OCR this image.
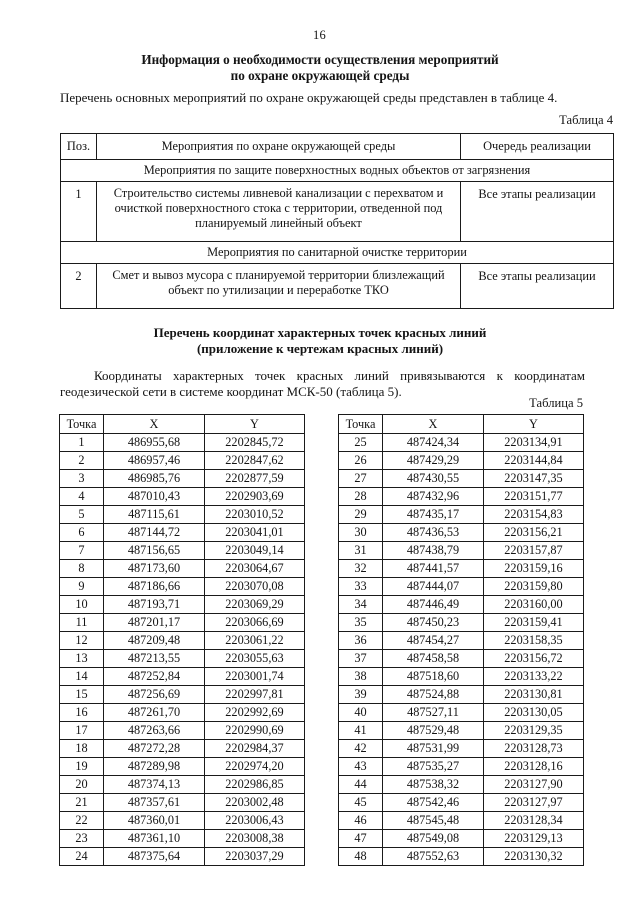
16
Информация о необходимости осуществления мероприятий
по охране окружающей среды
Перечень основных мероприятий по охране окружающей среды представлен в таблице 4.
Таблица 4
Поз.	Мероприятия по охране окружающей среды	Очередь реализации
Мероприятия по защите поверхностных водных объектов от загрязнения		
1	Строительство системы ливневой канализации с перехватом и очисткой поверхностного стока с территории, отведенной под планируемый линейный объект	Все этапы реализации
Мероприятия по санитарной очистке территории		
2	Смет и вывоз мусора с планируемой территории близлежащий объект по утилизации и переработке ТКО	Все этапы реализации
Перечень координат характерных точек красных линий
(приложение к чертежам красных линий)
Координаты характерных точек красных линий привязываются к координатам геодезической сети в системе координат МСК-50 (таблица 5).
Таблица 5
Точка	X	Y
1	486955,68	2202845,72
2	486957,46	2202847,62
3	486985,76	2202877,59
4	487010,43	2202903,69
5	487115,61	2203010,52
6	487144,72	2203041,01
7	487156,65	2203049,14
8	487173,60	2203064,67
9	487186,66	2203070,08
10	487193,71	2203069,29
11	487201,17	2203066,69
12	487209,48	2203061,22
13	487213,55	2203055,63
14	487252,84	2203001,74
15	487256,69	2202997,81
16	487261,70	2202992,69
17	487263,66	2202990,69
18	487272,28	2202984,37
19	487289,98	2202974,20
20	487374,13	2202986,85
21	487357,61	2203002,48
22	487360,01	2203006,43
23	487361,10	2203008,38
24	487375,64	2203037,29
Точка	X	Y
25	487424,34	2203134,91
26	487429,29	2203144,84
27	487430,55	2203147,35
28	487432,96	2203151,77
29	487435,17	2203154,83
30	487436,53	2203156,21
31	487438,79	2203157,87
32	487441,57	2203159,16
33	487444,07	2203159,80
34	487446,49	2203160,00
35	487450,23	2203159,41
36	487454,27	2203158,35
37	487458,58	2203156,72
38	487518,60	2203133,22
39	487524,88	2203130,81
40	487527,11	2203130,05
41	487529,48	2203129,35
42	487531,99	2203128,73
43	487535,27	2203128,16
44	487538,32	2203127,90
45	487542,46	2203127,97
46	487545,48	2203128,34
47	487549,08	2203129,13
48	487552,63	2203130,32
